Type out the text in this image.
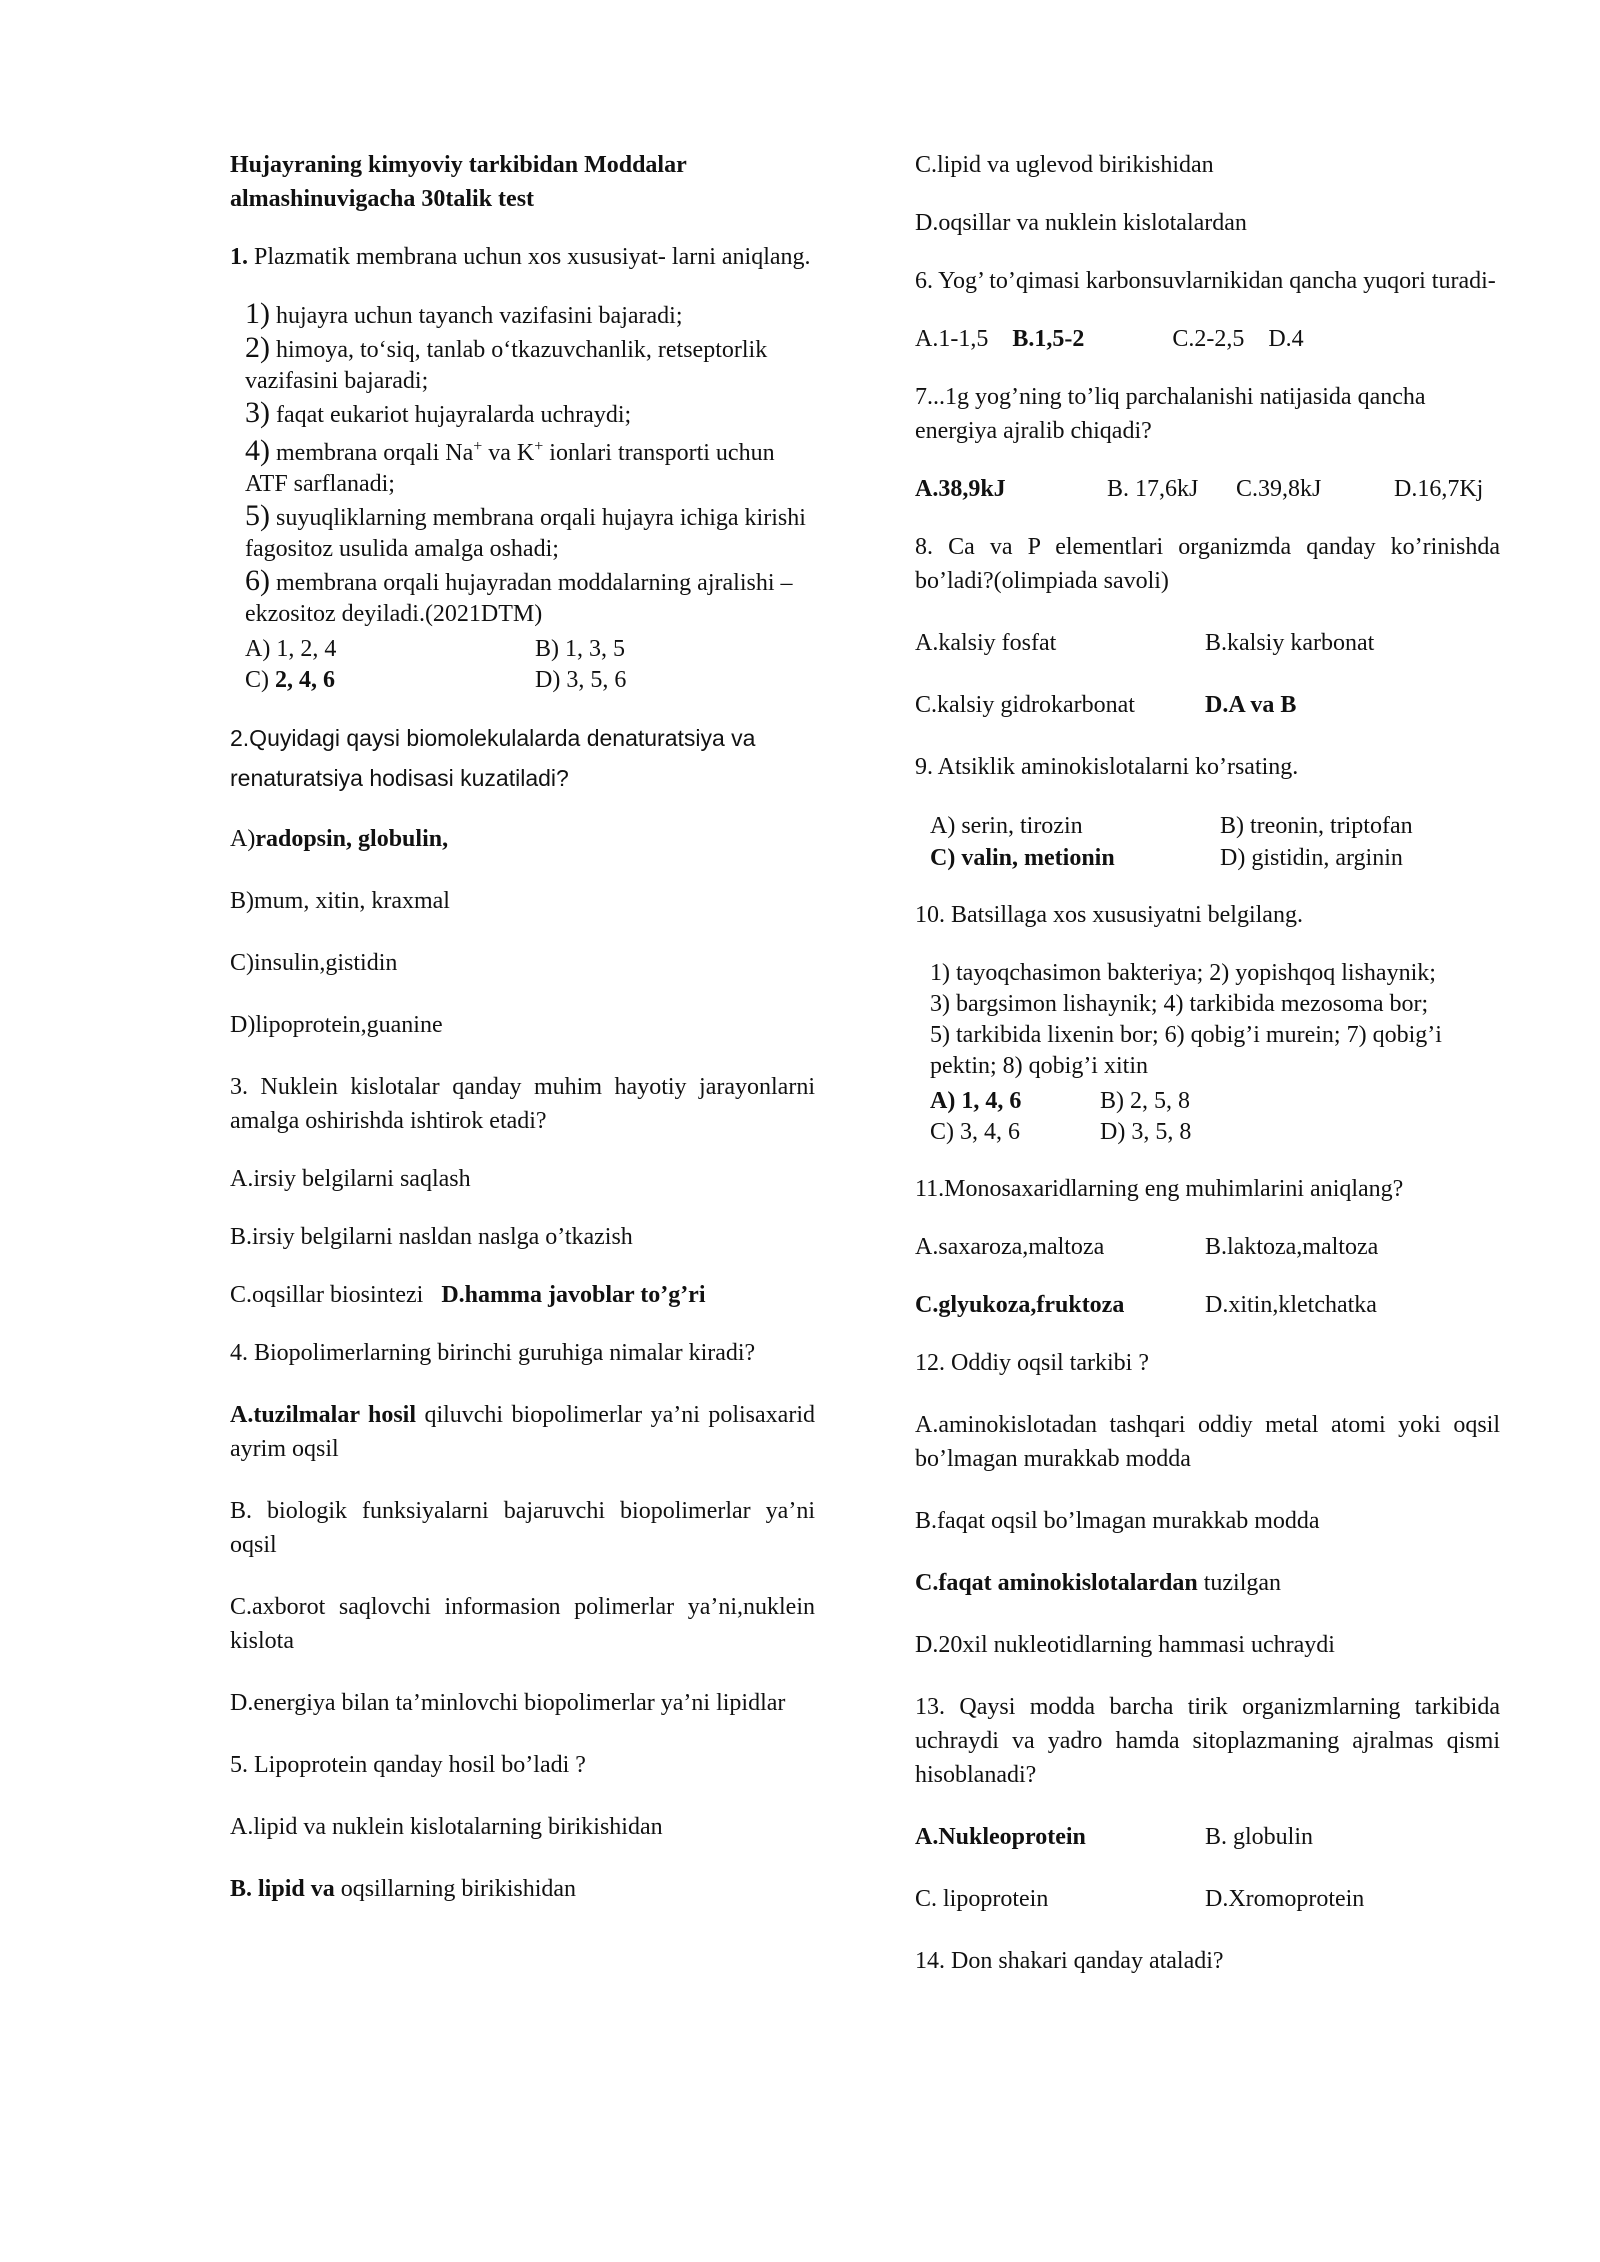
Hujayraning kimyoviy tarkibidan Moddalar almashinuvigacha 30talik test

1. Plazmatik membrana uchun xos xususiyat- larni aniqlang.

1) hujayra uchun tayanch vazifasini bajaradi;
2) himoya, to‘siq, tanlab o‘tkazuvchanlik, retseptorlik vazifasini bajaradi;
3) faqat eukariot hujayralarda uchraydi;
4) membrana orqali Na+ va K+ ionlari transporti uchun ATF sarflanadi;
5) suyuqliklarning membrana orqali hujayra ichiga kirishi fagositoz usulida amalga oshadi;
6) membrana orqali hujayradan moddalarning ajralishi – ekzositoz deyiladi.(2021DTM)
A) 1, 2, 4	B) 1, 3, 5
C) 2, 4, 6	D) 3, 5, 6

2.Quyidagi qaysi biomolekulalarda denaturatsiya va renaturatsiya hodisasi kuzatiladi?

A)radopsin, globulin,

B)mum, xitin, kraxmal

C)insulin,gistidin

D)lipoprotein,guanine

3. Nuklein kislotalar qanday muhim hayotiy jarayonlarni amalga oshirishda ishtirok etadi?

A.irsiy belgilarni saqlash

B.irsiy belgilarni nasldan naslga o’tkazish

C.oqsillar biosintezi D.hamma javoblar to’g’ri

4. Biopolimerlarning birinchi guruhiga nimalar kiradi?

A.tuzilmalar hosil qiluvchi biopolimerlar ya’ni polisaxarid ayrim oqsil

B. biologik funksiyalarni bajaruvchi biopolimerlar ya’ni oqsil

C.axborot saqlovchi informasion polimerlar ya’ni,nuklein kislota

D.energiya bilan ta’minlovchi biopolimerlar ya’ni lipidlar

5. Lipoprotein qanday hosil bo’ladi ?

A.lipid va nuklein kislotalarning birikishidan

B. lipid va oqsillarning birikishidan

C.lipid va uglevod birikishidan

D.oqsillar va nuklein kislotalardan

6. Yog’ to’qimasi karbonsuvlarnikidan qancha yuqori turadi-

A.1-1,5 B.1,5-2	C.2-2,5 D.4

7...1g yog’ning to’liq parchalanishi natijasida qancha energiya ajralib chiqadi?

A.38,9kJ	B. 17,6kJ	C.39,8kJ	D.16,7Kj

8. Ca va P elementlari organizmda qanday ko’rinishda bo’ladi?(olimpiada savoli)

A.kalsiy fosfat	B.kalsiy karbonat
C.kalsiy gidrokarbonat	D.A va B

9. Atsiklik aminokislotalarni ko’rsating.

A) serin, tirozin	B) treonin, triptofan
C) valin, metionin	D) gistidin, arginin

10. Batsillaga xos xususiyatni belgilang.

1) tayoqchasimon bakteriya; 2) yopishqoq lishaynik;
3) bargsimon lishaynik; 4) tarkibida mezosoma bor;
5) tarkibida lixenin bor; 6) qobig’i murein; 7) qobig’i pektin; 8) qobig’i xitin
A) 1, 4, 6	B) 2, 5, 8
C) 3, 4, 6	D) 3, 5, 8

11.Monosaxaridlarning eng muhimlarini aniqlang?

A.saxaroza,maltoza	B.laktoza,maltoza
C.glyukoza,fruktoza	D.xitin,kletchatka

12. Oddiy oqsil tarkibi ?

A.aminokislotadan tashqari oddiy metal atomi yoki oqsil bo’lmagan murakkab modda

B.faqat oqsil bo’lmagan murakkab modda

C.faqat aminokislotalardan tuzilgan

D.20xil nukleotidlarning hammasi uchraydi

13. Qaysi modda barcha tirik organizmlarning tarkibida uchraydi va yadro hamda sitoplazmaning ajralmas qismi hisoblanadi?

A.Nukleoprotein	B. globulin
C. lipoprotein	D.Xromoprotein

14. Don shakari qanday ataladi?
